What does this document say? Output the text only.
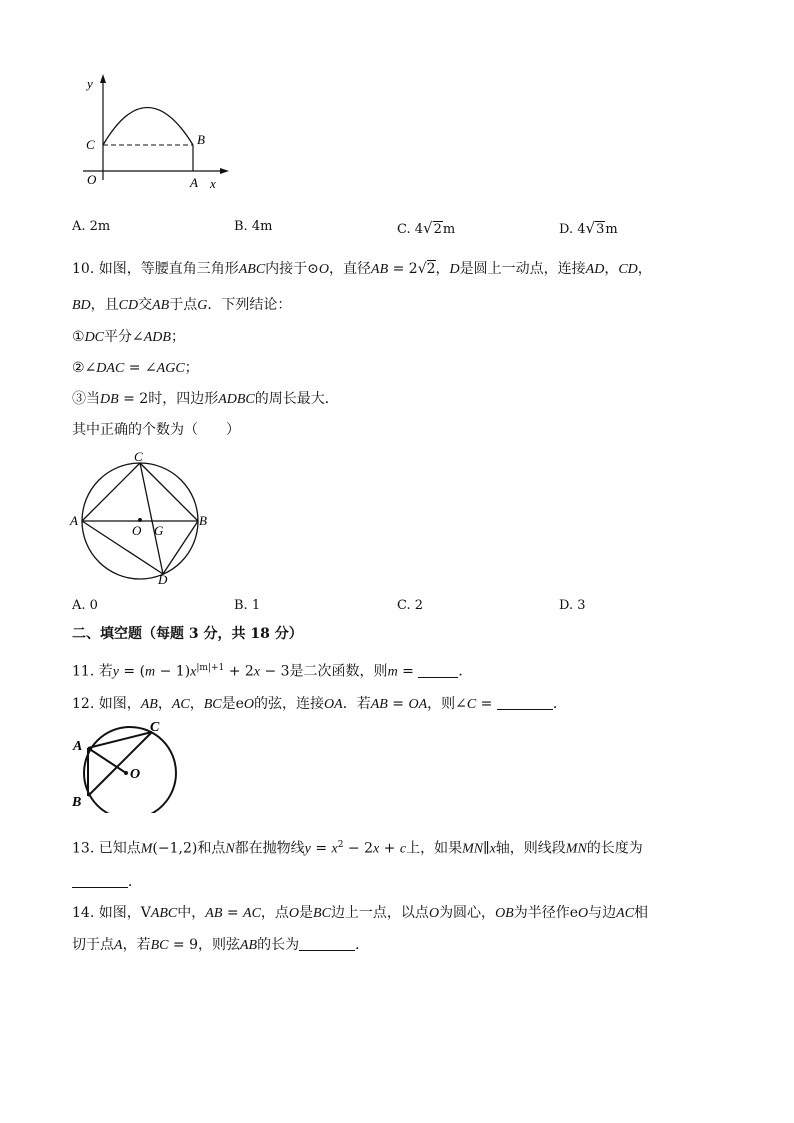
y
x
C
O
B
A
A. 2m	B. 4m	C. 4√2m	D. 4√3m
10. 如图，等腰直角三角形ABC内接于⊙O，直径AB = 2√2，D是圆上一动点，连接AD，CD，
BD，且CD交AB于点G．下列结论：
①DC平分∠ADB；
②∠DAC = ∠AGC；
③当DB = 2时，四边形ADBC的周长最大．
其中正确的个数为（　　）
C
A
O G
B
D
A. 0	B. 1	C. 2	D. 3
二、填空题（每题 3 分，共 18 分）
11. 若$y = (m - 1)x^{|m|+1} + 2x - 3$是二次函数，则m =	．
12. 如图，AB，AC，BC是eO的弦，连接OA．若AB = OA，则∠C =	．
A
C
O
B
13. 已知点M(−1,2)和点N都在抛物线$y = x^2 - 2x + c$上，如果MN∥x轴，则线段MN的长度为
．
14. 如图，VABC中，AB = AC，点O是BC边上一点，以点O为圆心，OB为半径作eO与边AC相
切于点A，若BC = 9，则弦AB的长为	．
